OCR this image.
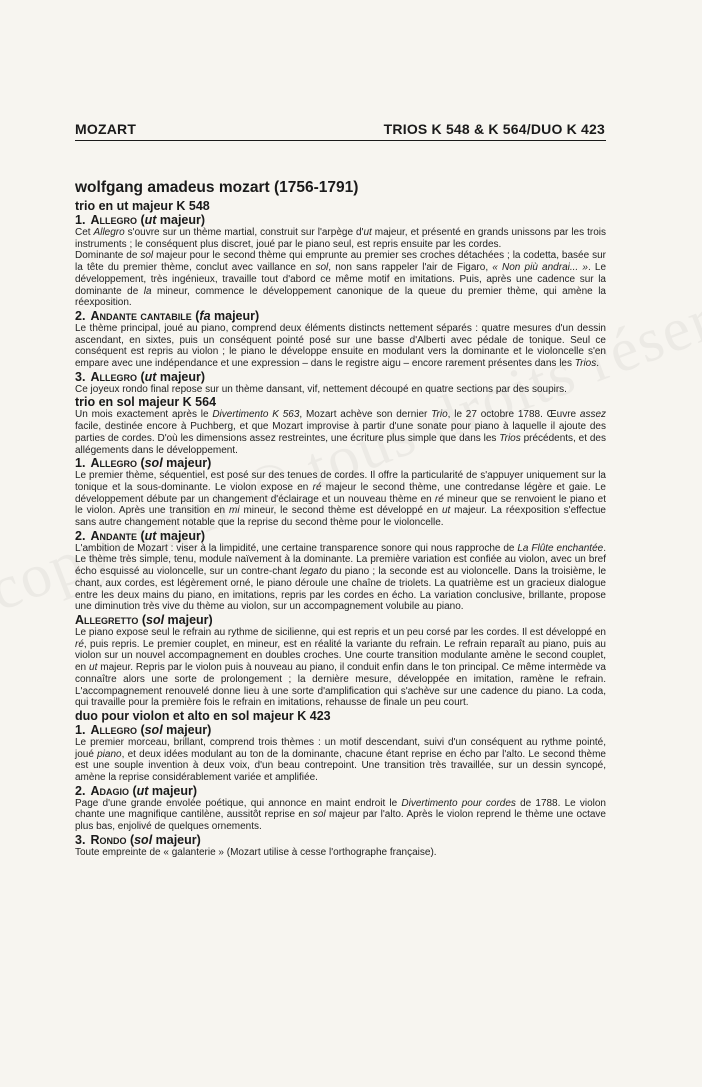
MOZART	TRIOS K 548 & K 564/DUO K 423
wolfgang amadeus mozart (1756-1791)
trio en ut majeur K 548
1. Allegro (ut majeur)

Cet Allegro s'ouvre sur un thème martial, construit sur l'arpège d'ut majeur, et présenté en grands unissons par les trois instruments ; le conséquent plus discret, joué par le piano seul, est repris ensuite par les cordes.

Dominante de sol majeur pour le second thème qui emprunte au premier ses croches détachées ; la codetta, basée sur la tête du premier thème, conclut avec vaillance en sol, non sans rappeler l'air de Figaro, « Non più andrai... ». Le développement, très ingénieux, travaille tout d'abord ce même motif en imitations. Puis, après une cadence sur la dominante de la mineur, commence le développement canonique de la queue du premier thème, qui amène la réexposition.

2. Andante cantabile (fa majeur)

Le thème principal, joué au piano, comprend deux éléments distincts nettement séparés : quatre mesures d'un dessin ascendant, en sixtes, puis un conséquent pointé posé sur une basse d'Alberti avec pédale de tonique. Seul ce conséquent est repris au violon ; le piano le développe ensuite en modulant vers la dominante et le violoncelle s'en empare avec une indépendance et une expression – dans le registre aigu – encore rarement présentes dans les Trios.

3. Allegro (ut majeur)

Ce joyeux rondo final repose sur un thème dansant, vif, nettement découpé en quatre sections par des soupirs.

trio en sol majeur K 564

Un mois exactement après le Divertimento K 563, Mozart achève son dernier Trio, le 27 octobre 1788. Œuvre assez facile, destinée encore à Puchberg, et que Mozart improvise à partir d'une sonate pour piano à laquelle il ajoute des parties de cordes. D'où les dimensions assez restreintes, une écriture plus simple que dans les Trios précédents, et des allégements dans le développement.

1. Allegro (sol majeur)

Le premier thème, séquentiel, est posé sur des tenues de cordes. Il offre la particularité de s'appuyer uniquement sur la tonique et la sous-dominante. Le violon expose en ré majeur le second thème, une contredanse légère et gaie. Le développement débute par un changement d'éclairage et un nouveau thème en ré mineur que se renvoient le piano et le violon. Après une transition en mi mineur, le second thème est développé en ut majeur. La réexposition s'effectue sans autre changement notable que la reprise du second thème pour le violoncelle.

2. Andante (ut majeur)

L'ambition de Mozart : viser à la limpidité, une certaine transparence sonore qui nous rapproche de La Flûte enchantée. Le thème très simple, tenu, module naïvement à la dominante. La première variation est confiée au violon, avec un bref écho esquissé au violoncelle, sur un contre-chant legato du piano ; la seconde est au violoncelle. Dans la troisième, le chant, aux cordes, est légèrement orné, le piano déroule une chaîne de triolets. La quatrième est un gracieux dialogue entre les deux mains du piano, en imitations, repris par les cordes en écho. La variation conclusive, brillante, propose une diminution très vive du thème au violon, sur un accompagnement volubile au piano.

Allegretto (sol majeur)

Le piano expose seul le refrain au rythme de sicilienne, qui est repris et un peu corsé par les cordes. Il est développé en ré, puis repris. Le premier couplet, en mineur, est en réalité la variante du refrain. Le refrain reparaît au piano, puis au violon sur un nouvel accompagnement en doubles croches. Une courte transition modulante amène le second couplet, en ut majeur. Repris par le violon puis à nouveau au piano, il conduit enfin dans le ton principal. Ce même intermède va connaître alors une sorte de prolongement ; la dernière mesure, développée en imitation, ramène le refrain. L'accompagnement renouvelé donne lieu à une sorte d'amplification qui s'achève sur une cadence du piano. La coda, qui travaille pour la première fois le refrain en imitations, rehausse de finale un peu court.

duo pour violon et alto en sol majeur K 423
1. Allegro (sol majeur)

Le premier morceau, brillant, comprend trois thèmes : un motif descendant, suivi d'un conséquent au rythme pointé, joué piano, et deux idées modulant au ton de la dominante, chacune étant reprise en écho par l'alto. Le second thème est une souple invention à deux voix, d'un beau contrepoint. Une transition très travaillée, sur un dessin syncopé, amène la reprise considérablement variée et amplifiée.

2. Adagio (ut majeur)

Page d'une grande envolée poétique, qui annonce en maint endroit le Divertimento pour cordes de 1788. Le violon chante une magnifique cantilène, aussitôt reprise en sol majeur par l'alto. Après le violon reprend le thème une octave plus bas, enjolivé de quelques ornements.

3. Rondo (sol majeur)

Toute empreinte de « galanterie » (Mozart utilise à cesse l'orthographe française).
